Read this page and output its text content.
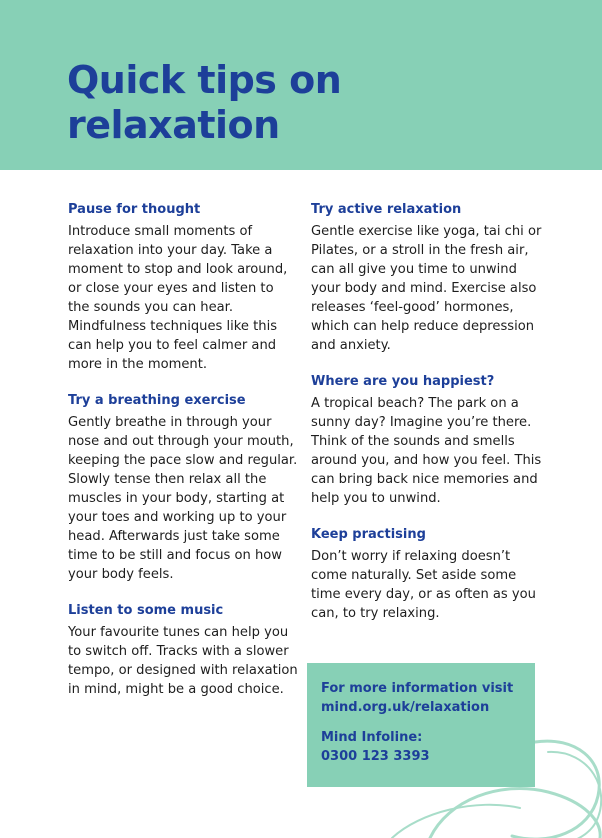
Quick tips on
relaxation
Pause for thought

Introduce small moments of relaxation into your day. Take a moment to stop and look around, or close your eyes and listen to the sounds you can hear. Mindfulness techniques like this can help you to feel calmer and more in the moment.

Try a breathing exercise

Gently breathe in through your nose and out through your mouth, keeping the pace slow and regular. Slowly tense then relax all the muscles in your body, starting at your toes and working up to your head. Afterwards just take some time to be still and focus on how your body feels.

Listen to some music

Your favourite tunes can help you to switch off. Tracks with a slower tempo, or designed with relaxation in mind, might be a good choice.

Try active relaxation

Gentle exercise like yoga, tai chi or Pilates, or a stroll in the fresh air, can all give you time to unwind your body and mind. Exercise also releases ‘feel-good’ hormones, which can help reduce depression and anxiety.

Where are you happiest?

A tropical beach? The park on a sunny day? Imagine you’re there. Think of the sounds and smells around you, and how you feel. This can bring back nice memories and help you to unwind.

Keep practising

Don’t worry if relaxing doesn’t come naturally. Set aside some time every day, or as often as you can, to try relaxing.

For more information visit
mind.org.uk/relaxation
Mind Infoline:
0300 123 3393
